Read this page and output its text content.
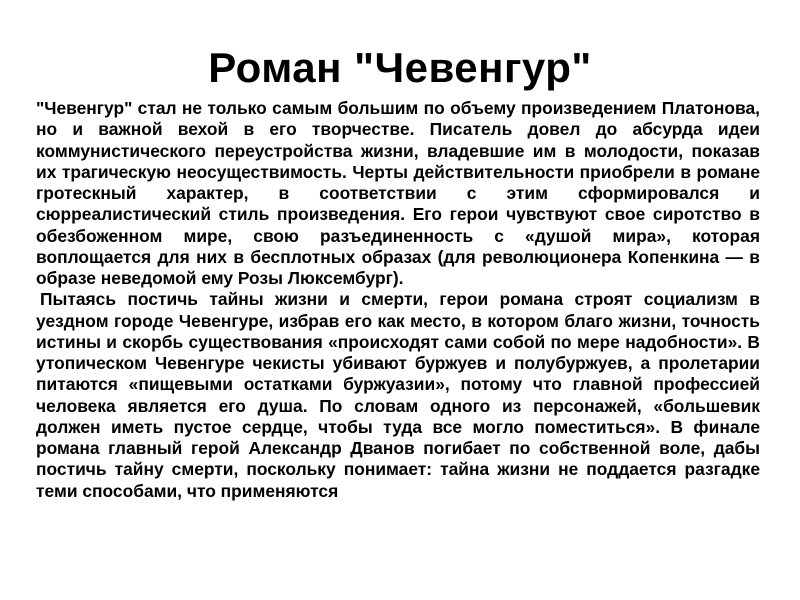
Роман "Чевенгур"

"Чевенгур" стал не только самым большим по объему произведением Платонова, но и важной вехой в его творчестве. Писатель довел до абсурда идеи коммунистического переустройства жизни, владевшие им в молодости, показав их трагическую неосуществимость. Черты действительности приобрели в романе гротескный характер, в соответствии с этим сформировался и сюрреалистический стиль произведения. Его герои чувствуют свое сиротство в обезбоженном мире, свою разъединенность с «душой мира», которая воплощается для них в бесплотных образах (для революционера Копенкина — в образе неведомой ему Розы Люксембург).

Пытаясь постичь тайны жизни и смерти, герои романа строят социализм в уездном городе Чевенгуре, избрав его как место, в котором благо жизни, точность истины и скорбь существования «происходят сами собой по мере надобности». В утопическом Чевенгуре чекисты убивают буржуев и полубуржуев, а пролетарии питаются «пищевыми остатками буржуазии», потому что главной профессией человека является его душа. По словам одного из персонажей, «большевик должен иметь пустое сердце, чтобы туда все могло поместиться». В финале романа главный герой Александр Дванов погибает по собственной воле, дабы постичь тайну смерти, поскольку понимает: тайна жизни не поддается разгадке теми способами, что применяются
